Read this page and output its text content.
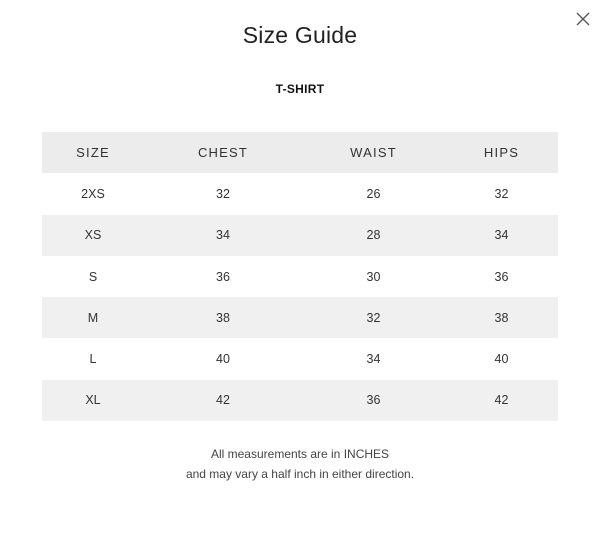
Size Guide
T-SHIRT
SIZE	CHEST	WAIST	HIPS
2XS	32	26	32
XS	34	28	34
S	36	30	36
M	38	32	38
L	40	34	40
XL	42	36	42
All measurements are in INCHES
and may vary a half inch in either direction.
